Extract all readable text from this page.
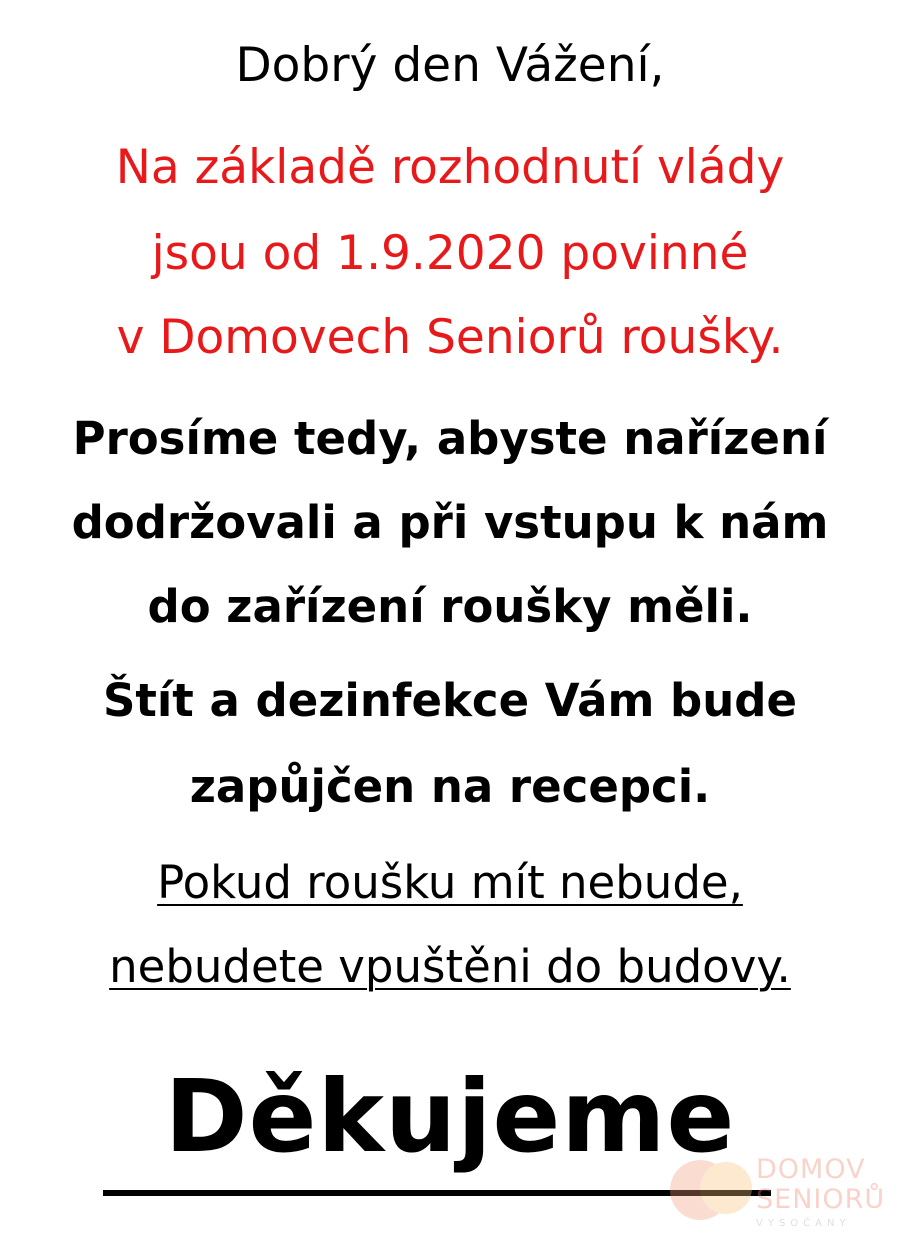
Dobrý den Vážení,

Na základě rozhodnutí vlády

jsou od 1.9.2020 povinné

v Domovech Seniorů roušky.

Prosíme tedy, abyste nařízení

dodržovali a při vstupu k nám

do zařízení roušky měli.

Štít a dezinfekce Vám bude

zapůjčen na recepci.

Pokud roušku mít nebude,

nebudete vpuštěni do budovy.

Děkujeme DOMOV
SENIORŮ
VYSOČANY
